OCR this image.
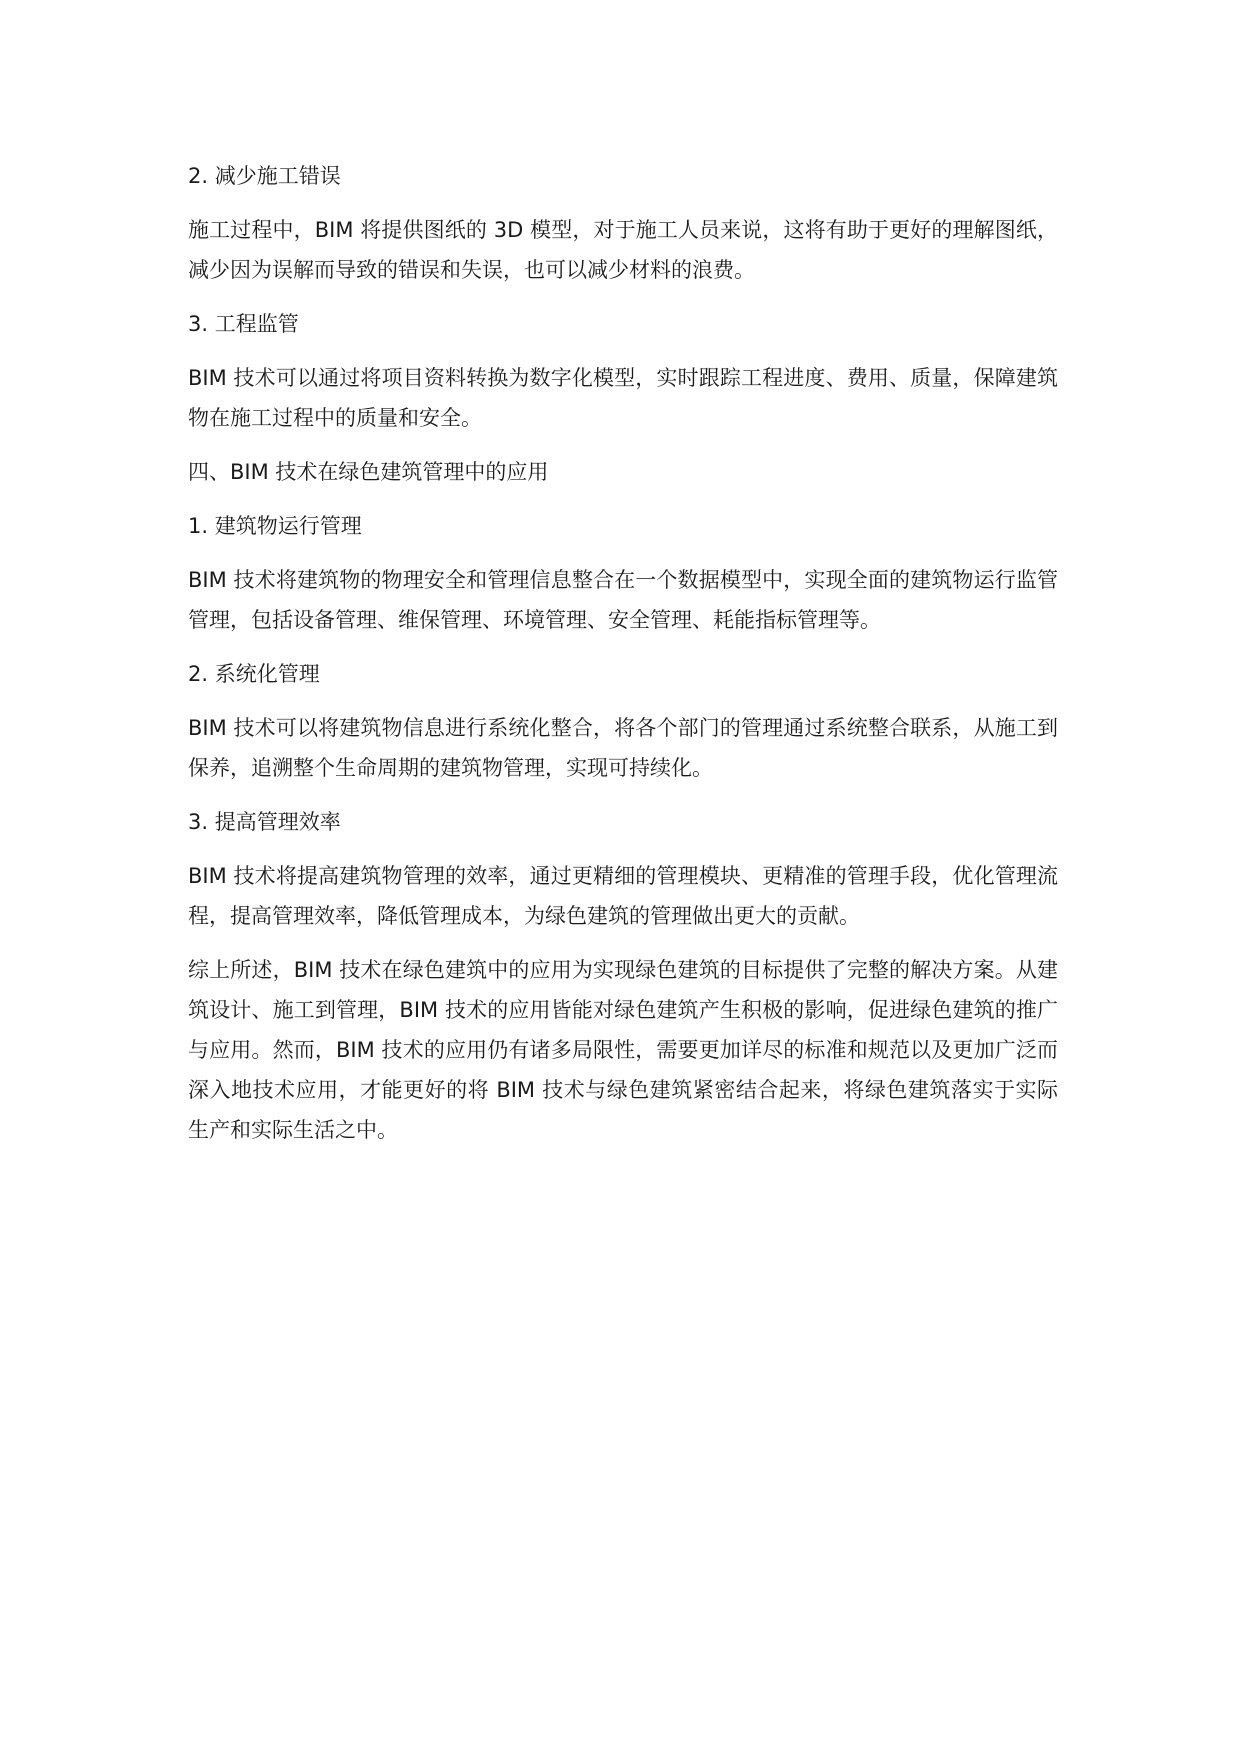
2. 减少施工错误
施工过程中，BIM 将提供图纸的 3D 模型，对于施工人员来说，这将有助于更好的理解图纸，减少因为误解而导致的错误和失误，也可以减少材料的浪费。
3. 工程监管
BIM 技术可以通过将项目资料转换为数字化模型，实时跟踪工程进度、费用、质量，保障建筑物在施工过程中的质量和安全。
四、BIM 技术在绿色建筑管理中的应用
1. 建筑物运行管理
BIM 技术将建筑物的物理安全和管理信息整合在一个数据模型中，实现全面的建筑物运行监管管理，包括设备管理、维保管理、环境管理、安全管理、耗能指标管理等。
2. 系统化管理
BIM 技术可以将建筑物信息进行系统化整合，将各个部门的管理通过系统整合联系，从施工到保养，追溯整个生命周期的建筑物管理，实现可持续化。
3. 提高管理效率
BIM 技术将提高建筑物管理的效率，通过更精细的管理模块、更精准的管理手段，优化管理流程，提高管理效率，降低管理成本，为绿色建筑的管理做出更大的贡献。
综上所述，BIM 技术在绿色建筑中的应用为实现绿色建筑的目标提供了完整的解决方案。从建筑设计、施工到管理，BIM 技术的应用皆能对绿色建筑产生积极的影响，促进绿色建筑的推广与应用。然而，BIM 技术的应用仍有诸多局限性，需要更加详尽的标准和规范以及更加广泛而深入地技术应用，才能更好的将 BIM 技术与绿色建筑紧密结合起来，将绿色建筑落实于实际生产和实际生活之中。
